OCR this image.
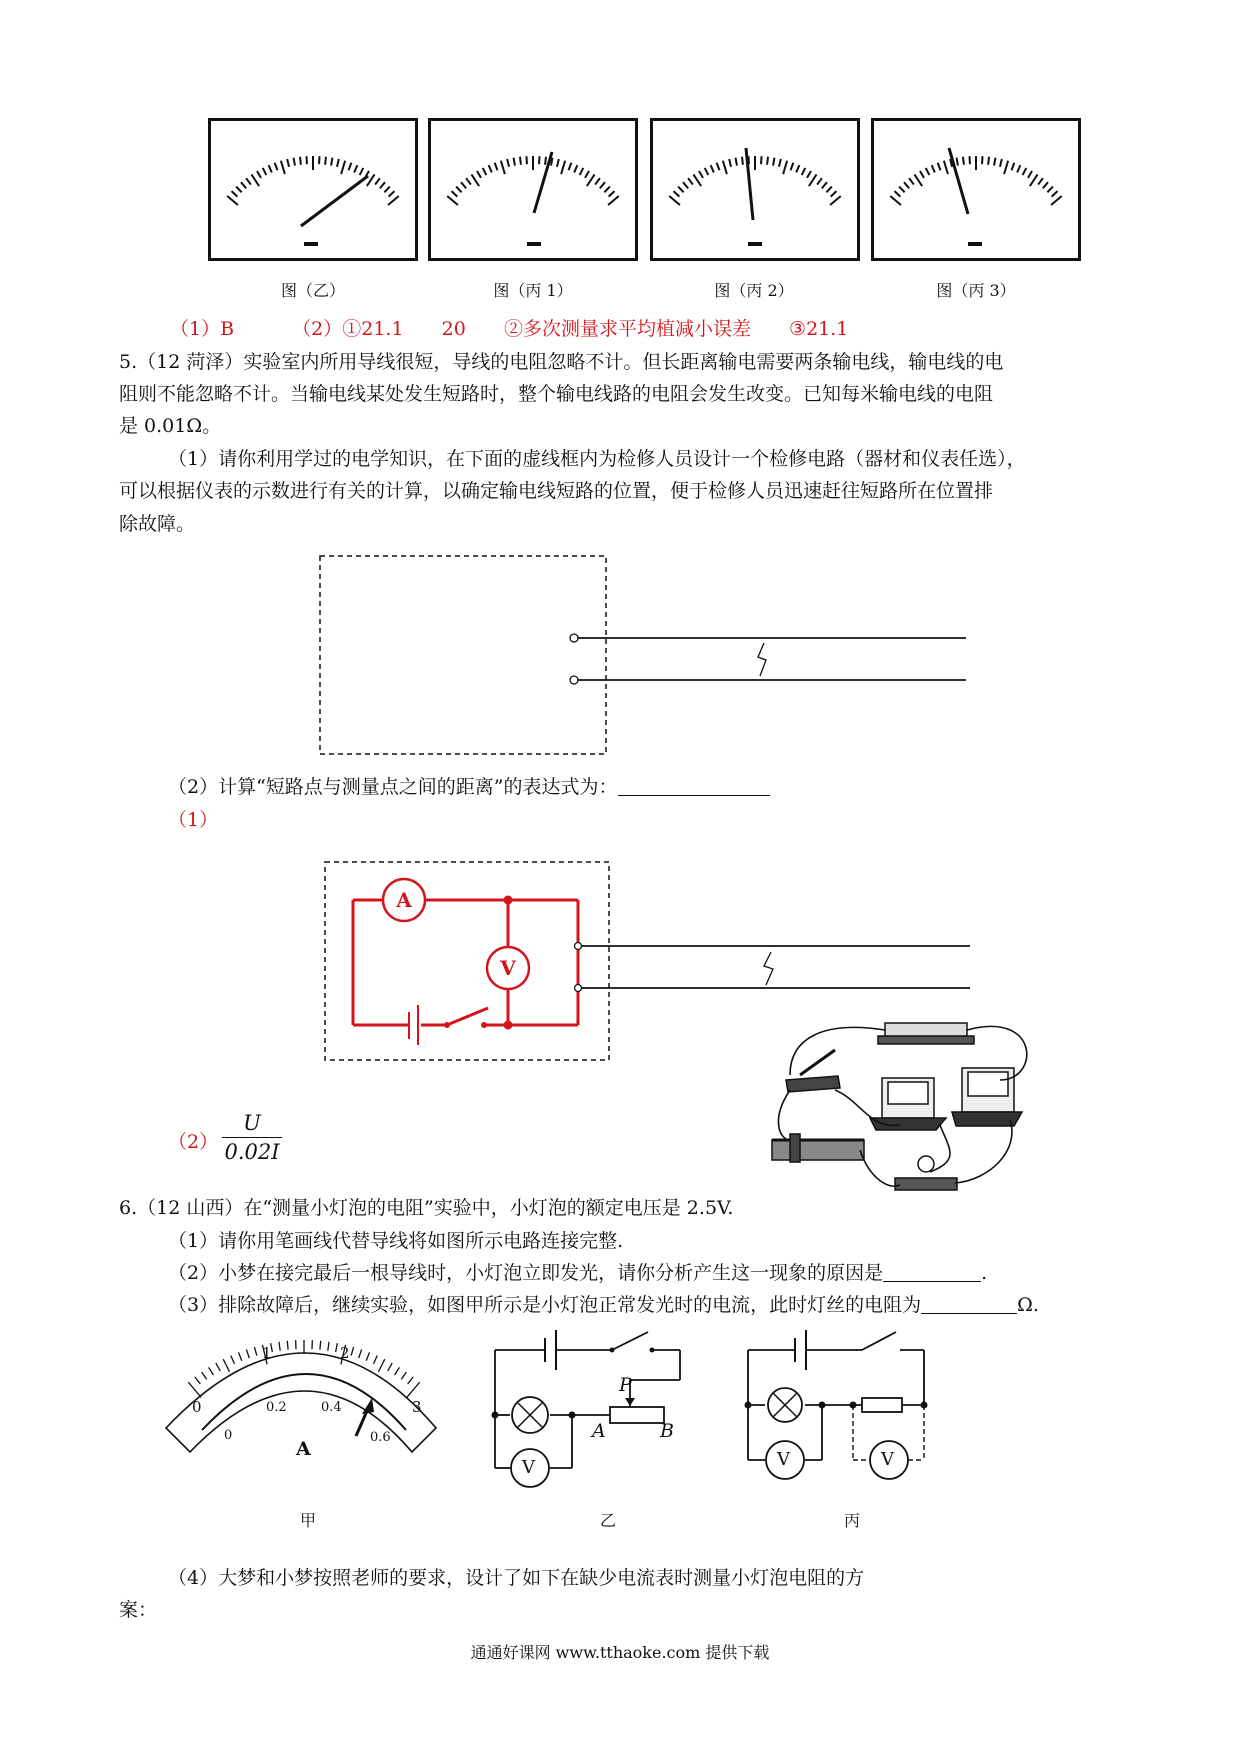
图（乙）	图（丙 1）	图（丙 2）	图（丙 3）
（1）B	（2）①21.1 20 ②多次测量求平均植减小误差 ③21.1
5.（12 菏泽）实验室内所用导线很短，导线的电阻忽略不计。但长距离输电需要两条输电线，输电线的电
阻则不能忽略不计。当输电线某处发生短路时，整个输电线路的电阻会发生改变。已知每米输电线的电阻
是 0.01Ω。
（1）请你利用学过的电学知识，在下面的虚线框内为检修人员设计一个检修电路（器材和仪表任选），
可以根据仪表的示数进行有关的计算，以确定输电线短路的位置，便于检修人员迅速赶往短路所在位置排
除故障。
（2）计算“短路点与测量点之间的距离”的表达式为：
（1）
A
V
（2）
U
0.02I
6.（12 山西）在“测量小灯泡的电阻”实验中，小灯泡的额定电压是 2.5V.
（1）请你用笔画线代替导线将如图所示电路连接完整.
（2）小梦在接完最后一根导线时，小灯泡立即发光，请你分析产生这一现象的原因是	.
（3）排除故障后，继续实验，如图甲所示是小灯泡正常发光时的电流，此时灯丝的电阻为	Ω.
0
1	2
3
0
0.2	0.4
0.6
A
V
P
A	B
V	V
甲	乙	丙
（4）大梦和小梦按照老师的要求，设计了如下在缺少电流表时测量小灯泡电阻的方
案：
通通好课网 www.tthaoke.com 提供下载
